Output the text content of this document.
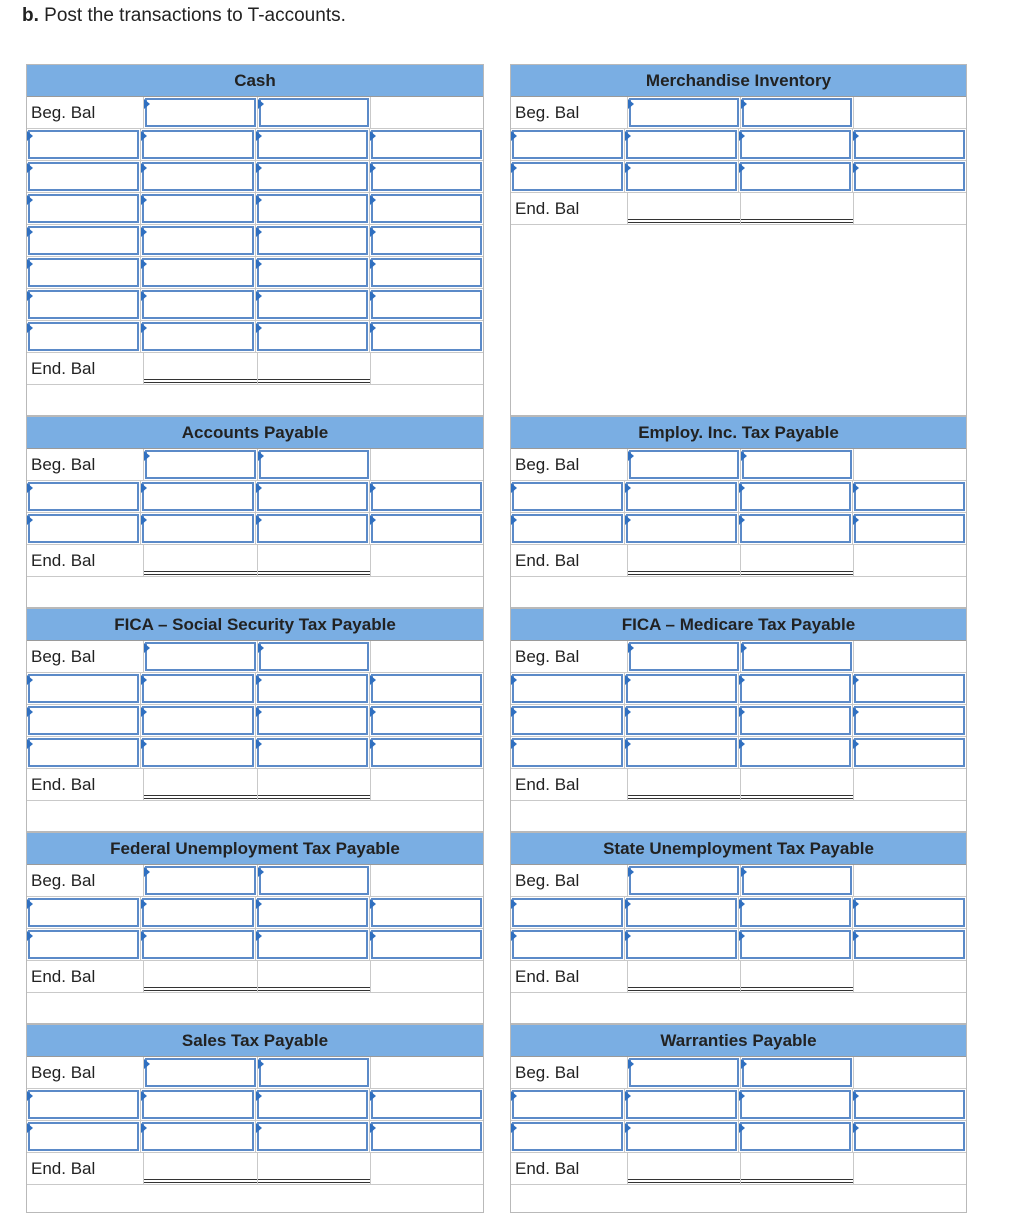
b. Post the transactions to T-accounts.
Cash
Beg. Bal
End. Bal
Merchandise Inventory
Beg. Bal
End. Bal
Accounts Payable
Beg. Bal
End. Bal
Employ. Inc. Tax Payable
Beg. Bal
End. Bal
FICA – Social Security Tax Payable
Beg. Bal
End. Bal
FICA – Medicare Tax Payable
Beg. Bal
End. Bal
Federal Unemployment Tax Payable
Beg. Bal
End. Bal
State Unemployment Tax Payable
Beg. Bal
End. Bal
Sales Tax Payable
Beg. Bal
End. Bal
Warranties Payable
Beg. Bal
End. Bal
